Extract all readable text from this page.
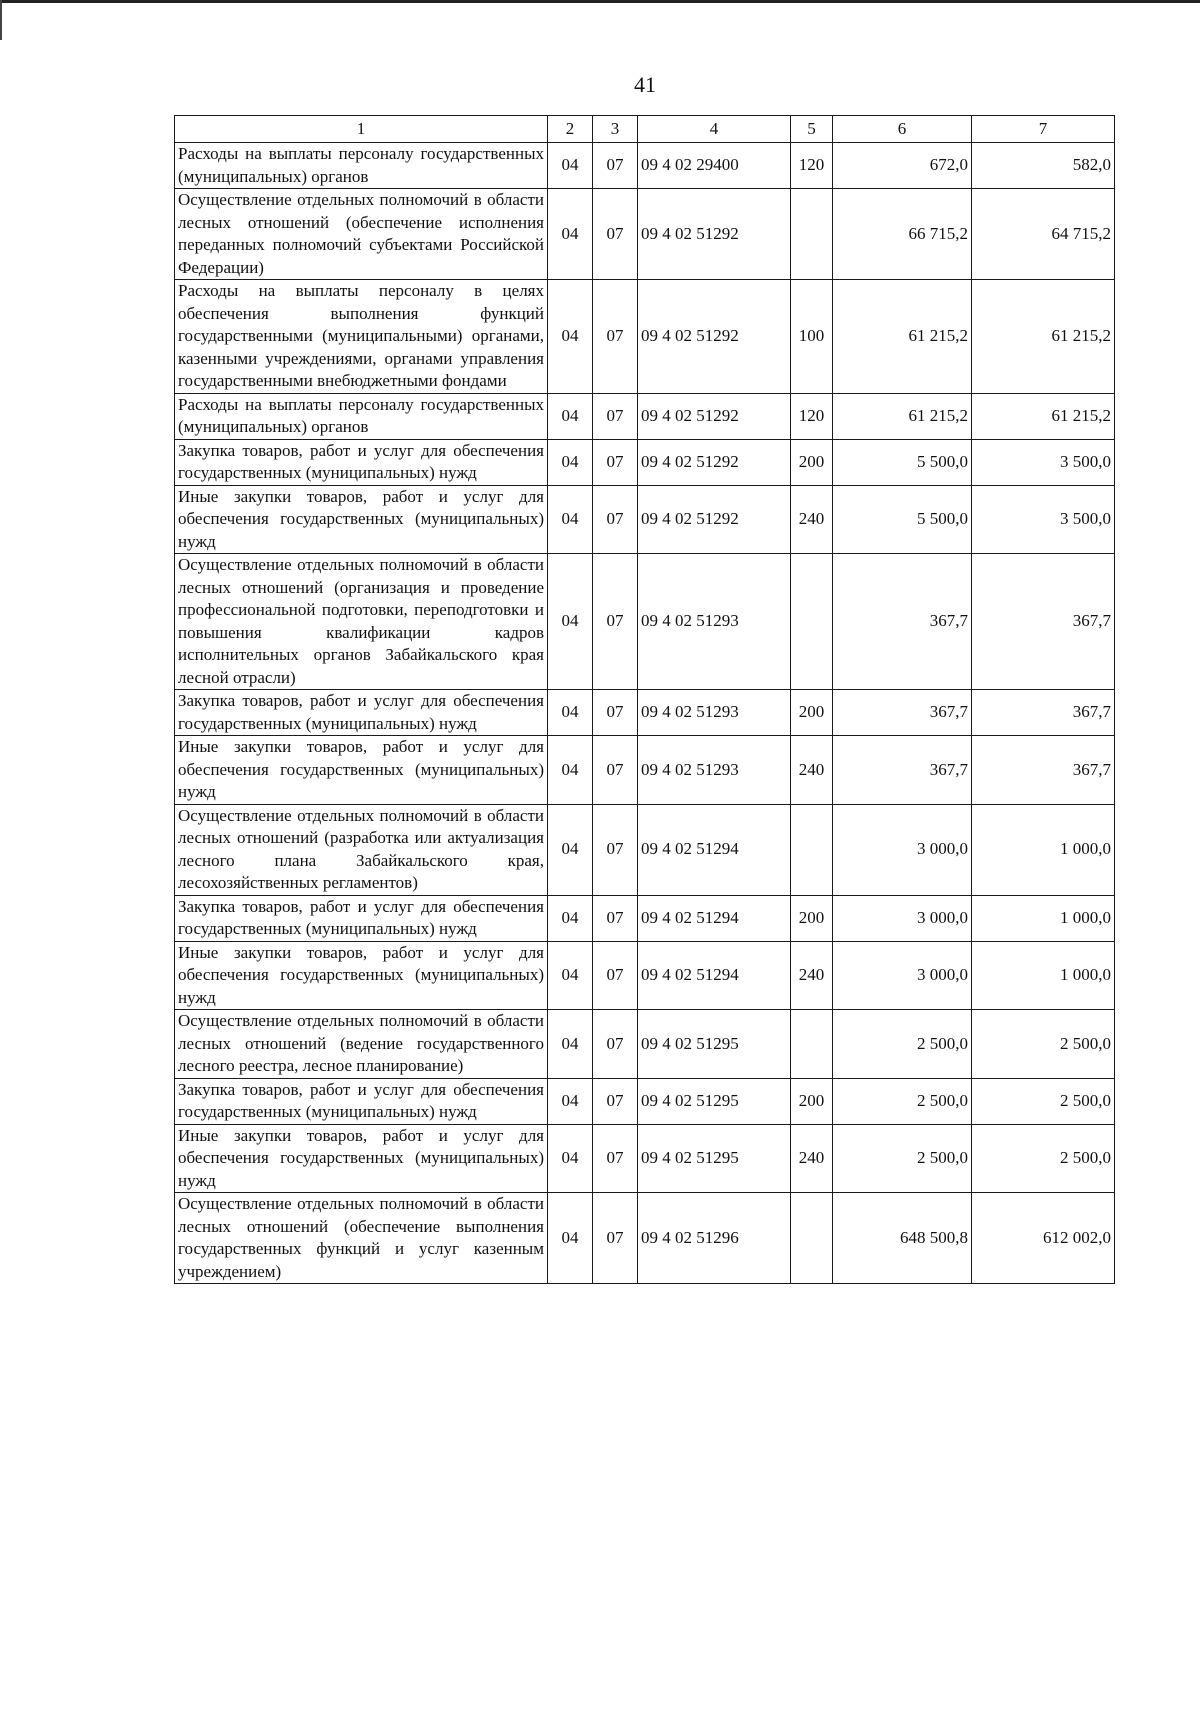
41
1	2	3	4	5	6	7
Расходы на выплаты персоналу государственных (муниципальных) органов	04	07	09 4 02 29400	120	672,0	582,0
Осуществление отдельных полномочий в области лесных отношений (обеспечение исполнения переданных полномочий субъектами Российской Федерации)	04	07	09 4 02 51292		66 715,2	64 715,2
Расходы на выплаты персоналу в целях обеспечения выполнения функций государственными (муниципальными) органами, казенными учреждениями, органами управления государственными внебюджетными фондами	04	07	09 4 02 51292	100	61 215,2	61 215,2
Расходы на выплаты персоналу государственных (муниципальных) органов	04	07	09 4 02 51292	120	61 215,2	61 215,2
Закупка товаров, работ и услуг для обеспечения государственных (муниципальных) нужд	04	07	09 4 02 51292	200	5 500,0	3 500,0
Иные закупки товаров, работ и услуг для обеспечения государственных (муниципальных) нужд	04	07	09 4 02 51292	240	5 500,0	3 500,0
Осуществление отдельных полномочий в области лесных отношений (организация и проведение профессиональной подготовки, переподготовки и повышения квалификации кадров исполнительных органов Забайкальского края лесной отрасли)	04	07	09 4 02 51293		367,7	367,7
Закупка товаров, работ и услуг для обеспечения государственных (муниципальных) нужд	04	07	09 4 02 51293	200	367,7	367,7
Иные закупки товаров, работ и услуг для обеспечения государственных (муниципальных) нужд	04	07	09 4 02 51293	240	367,7	367,7
Осуществление отдельных полномочий в области лесных отношений (разработка или актуализация лесного плана Забайкальского края, лесохозяйственных регламентов)	04	07	09 4 02 51294		3 000,0	1 000,0
Закупка товаров, работ и услуг для обеспечения государственных (муниципальных) нужд	04	07	09 4 02 51294	200	3 000,0	1 000,0
Иные закупки товаров, работ и услуг для обеспечения государственных (муниципальных) нужд	04	07	09 4 02 51294	240	3 000,0	1 000,0
Осуществление отдельных полномочий в области лесных отношений (ведение государственного лесного реестра, лесное планирование)	04	07	09 4 02 51295		2 500,0	2 500,0
Закупка товаров, работ и услуг для обеспечения государственных (муниципальных) нужд	04	07	09 4 02 51295	200	2 500,0	2 500,0
Иные закупки товаров, работ и услуг для обеспечения государственных (муниципальных) нужд	04	07	09 4 02 51295	240	2 500,0	2 500,0
Осуществление отдельных полномочий в области лесных отношений (обеспечение выполнения государственных функций и услуг казенным учреждением)	04	07	09 4 02 51296		648 500,8	612 002,0
